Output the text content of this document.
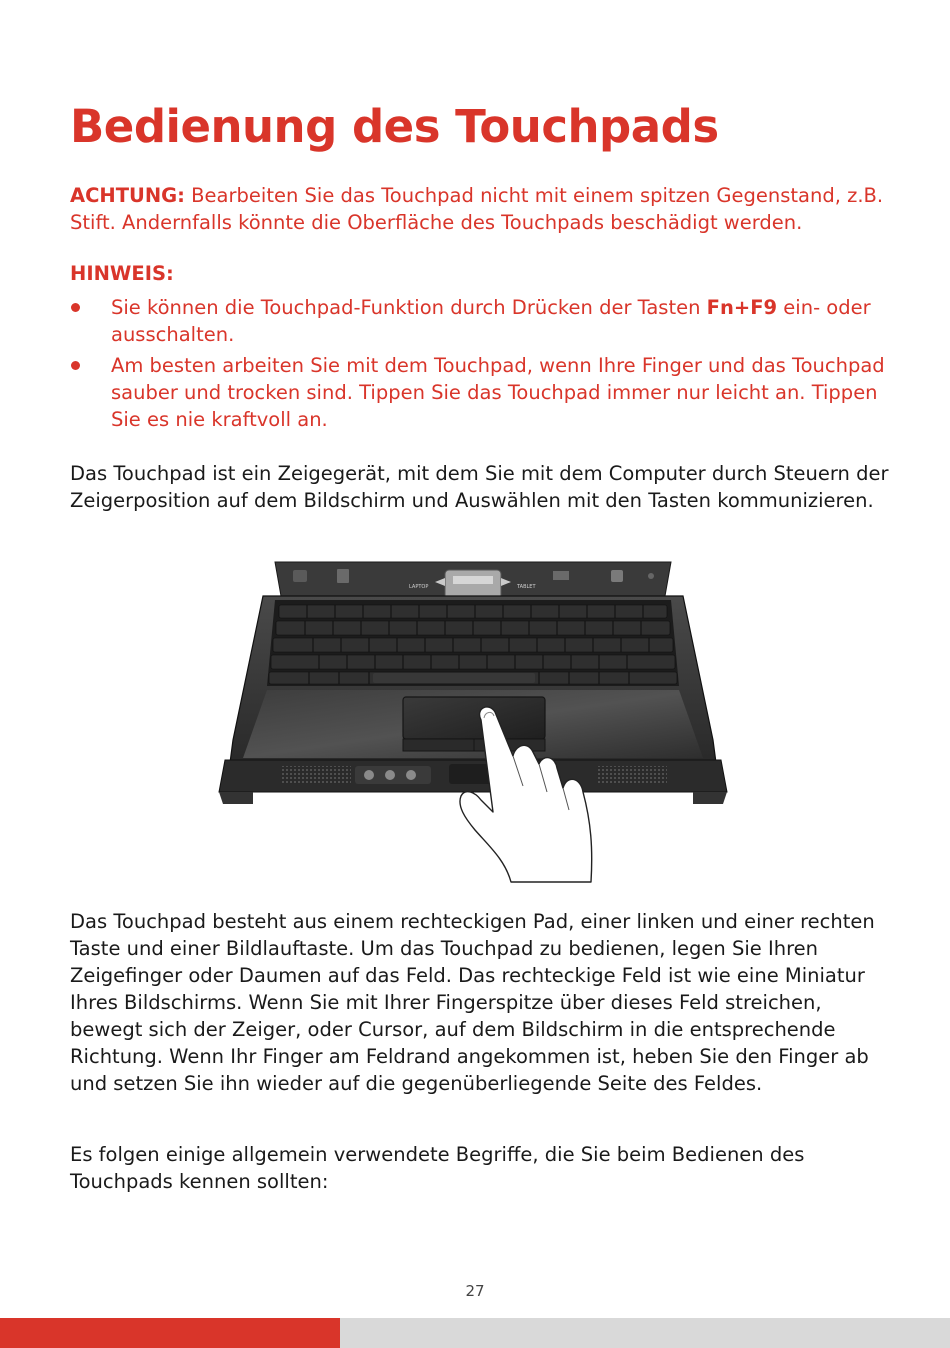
Bedienung des Touchpads

ACHTUNG: Bearbeiten Sie das Touchpad nicht mit einem spitzen Gegenstand, z.B. Stift. Andernfalls könnte die Oberfläche des Touchpads beschädigt werden.

HINWEIS:

Sie können die Touchpad-Funktion durch Drücken der Tasten Fn+F9 ein- oder ausschalten.
Am besten arbeiten Sie mit dem Touchpad, wenn Ihre Finger und das Touchpad sauber und trocken sind. Tippen Sie das Touchpad immer nur leicht an. Tippen Sie es nie kraftvoll an.

Das Touchpad ist ein Zeigegerät, mit dem Sie mit dem Computer durch Steuern der Zeigerposition auf dem Bildschirm und Auswählen mit den Tasten kommunizieren.

LAPTOP	TABLET

Das Touchpad besteht aus einem rechteckigen Pad, einer linken und einer rechten Taste und einer Bildlauftaste. Um das Touchpad zu bedienen, legen Sie Ihren Zeigefinger oder Daumen auf das Feld. Das rechteckige Feld ist wie eine Miniatur Ihres Bildschirms. Wenn Sie mit Ihrer Fingerspitze über dieses Feld streichen, bewegt sich der Zeiger, oder Cursor, auf dem Bildschirm in die entsprechende Richtung. Wenn Ihr Finger am Feldrand angekommen ist, heben Sie den Finger ab und setzen Sie ihn wieder auf die gegenüberliegende Seite des Feldes.

Es folgen einige allgemein verwendete Begriffe, die Sie beim Bedienen des Touchpads kennen sollten:

27
